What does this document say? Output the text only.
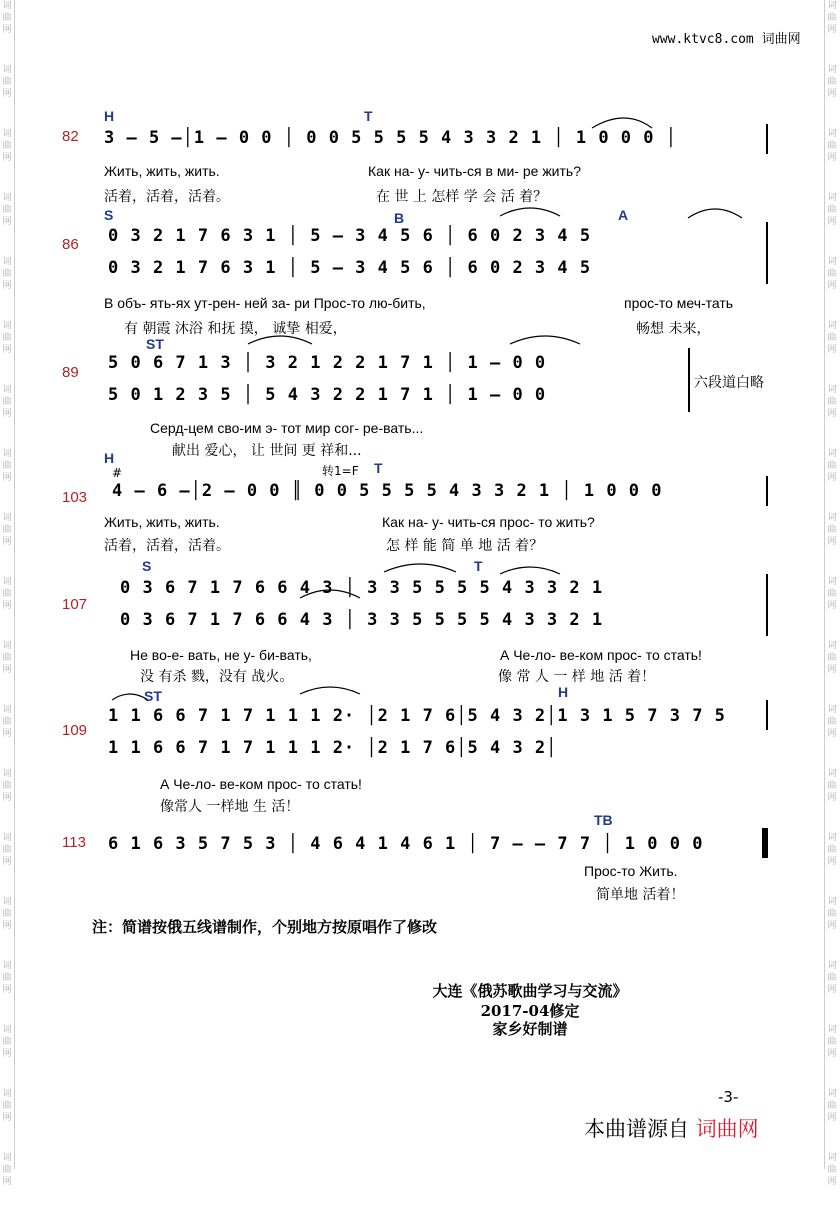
词
曲
网
词
曲
网
词
曲
网
词
曲
网
词
曲
网
词
曲
网
词
曲
网
词
曲
网
词
曲
网
词
曲
网
词
曲
网
词
曲
网
词
曲
网
词
曲
网
词
曲
网
词
曲
网
词
曲
网
词
曲
网
词
曲
网
词
曲
网
词
曲
网
词
曲
网
词
曲
网
词
曲
网
词
曲
网
词
曲
网
词
曲
网
词
曲
网
词
曲
网
词
曲
网
词
曲
网
词
曲
网
词
曲
网
词
曲
网
词
曲
网
词
曲
网
词
曲
网
词
曲
网
www.ktvc8.com 词曲网
82
H	T
3 – 5 –│1 – 0 0 │ 0 0 5 5 5 5 4 3 3 2 1 │ 1 0 0 0 │
Жить, жить, жить.	Как на- у- чить-ся в ми- ре жить?
活着，活着，活着。	在 世 上 怎样 学 会 活 着？
86
S	B	A
0 3 2 1 7 6 3 1 │ 5 – 3 4 5 6 │ 6 0 2 3 4 5
0 3 2 1 7 6 3 1 │ 5 – 3 4 5 6 │ 6 0 2 3 4 5
В объ- ять-ях ут-рен- ней за- ри Прос-то лю-бить,	прос-то меч-тать
有 朝霞 沐浴 和抚 摸， 诚挚 相爱，	畅想 未来，
89
ST
5 0 6 7 1 3 │ 3 2 1 2 2 1 7 1 │ 1 – 0 0
5 0 1 2 3 5 │ 5 4 3 2 2 1 7 1 │ 1 – 0 0
六段道白略
Серд-цем сво-им э- тот мир сог- ре-вать...
献出 爱心， 让 世间 更 祥和...
103
H
T
#	转1=F
4 – 6 –│2 – 0 0 ║ 0 0 5 5 5 5 4 3 3 2 1 │ 1 0 0 0
Жить, жить, жить.	Как на- у- чить-ся прос- то жить?
活着，活着，活着。	怎 样 能 简 单 地 活 着？
107
S	T
0 3 6 7 1 7 6 6 4 3 │ 3 3 5 5 5 5 4 3 3 2 1
0 3 6 7 1 7 6 6 4 3 │ 3 3 5 5 5 5 4 3 3 2 1
Не во-е- вать, не у- би-вать,	А Че-ло- ве-ком прос- то стать!
没 有杀 戮，没有 战火。	像 常 人 一 样 地 活 着！
109
ST	H
1 1 6 6 7 1 7 1 1 1 2· │2 1 7 6│5 4 3 2│1 3 1 5 7 3 7 5
1 1 6 6 7 1 7 1 1 1 2· │2 1 7 6│5 4 3 2│
А Че-ло- ве-ком прос- то стать!
像常人 一样地 生 活！
113
TB
6 1 6 3 5 7 5 3 │ 4 6 4 1 4 6 1 │ 7 – – 7 7 │ 1 0 0 0
Прос-то Жить.
简单地 活着！
注：简谱按俄五线谱制作，个别地方按原唱作了修改
大连《俄苏歌曲学习与交流》
2017-04修定
家乡好制谱
-3-
本曲谱源自 词曲网
